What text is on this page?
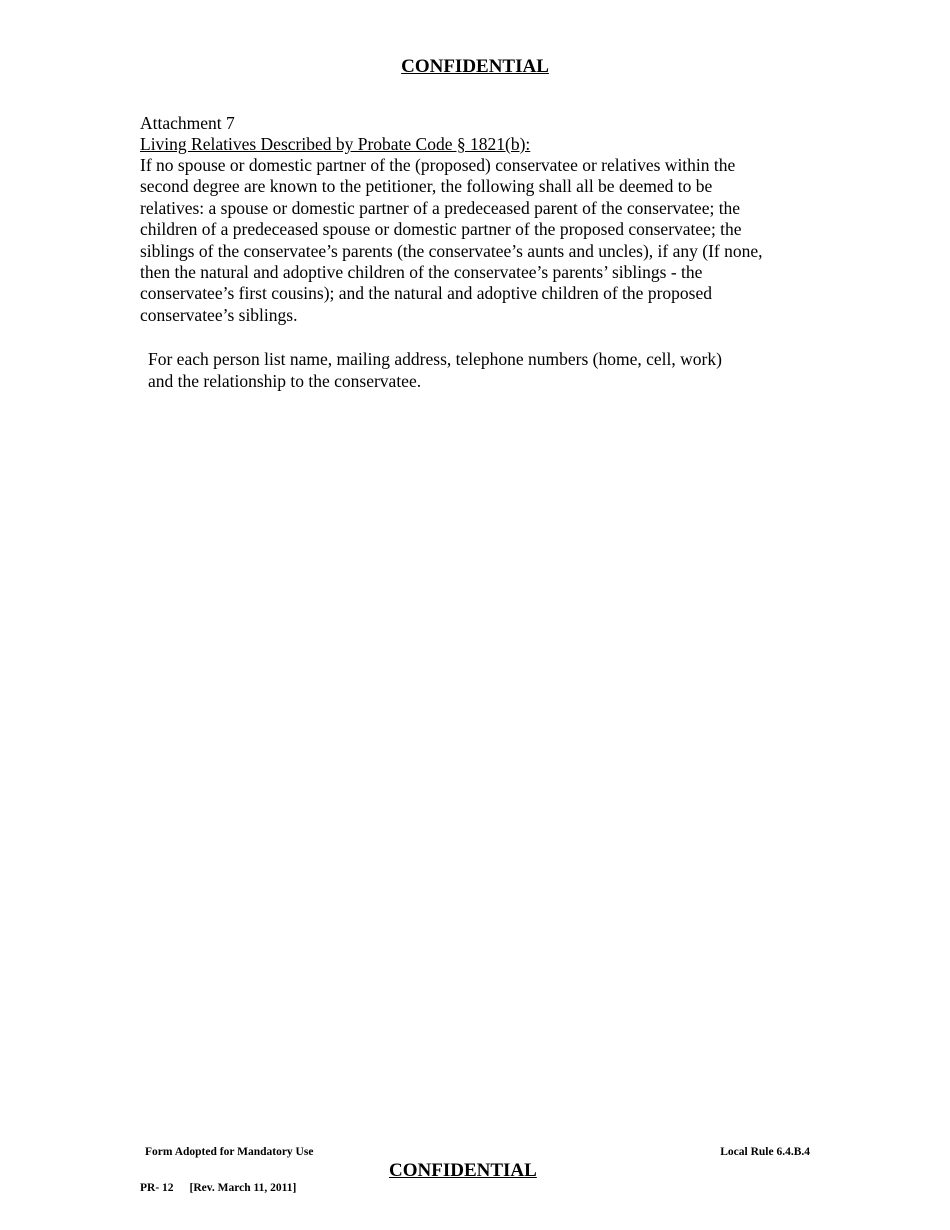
CONFIDENTIAL
Attachment 7
Living Relatives Described by Probate Code § 1821(b):
If no spouse or domestic partner of the (proposed) conservatee or relatives within the
second degree are known to the petitioner, the following shall all be deemed to be
relatives: a spouse or domestic partner of a predeceased parent of the conservatee; the
children of a predeceased spouse or domestic partner of the proposed conservatee; the
siblings of the conservatee’s parents (the conservatee’s aunts and uncles), if any (If none,
then the natural and adoptive children of the conservatee’s parents’ siblings - the
conservatee’s first cousins); and the natural and adoptive children of the proposed
conservatee’s siblings.
For each person list name, mailing address, telephone numbers (home, cell, work)
and the relationship to the conservatee.
Form Adopted for Mandatory Use	Local Rule 6.4.B.4
CONFIDENTIAL
PR- 12 [Rev. March 11, 2011]
